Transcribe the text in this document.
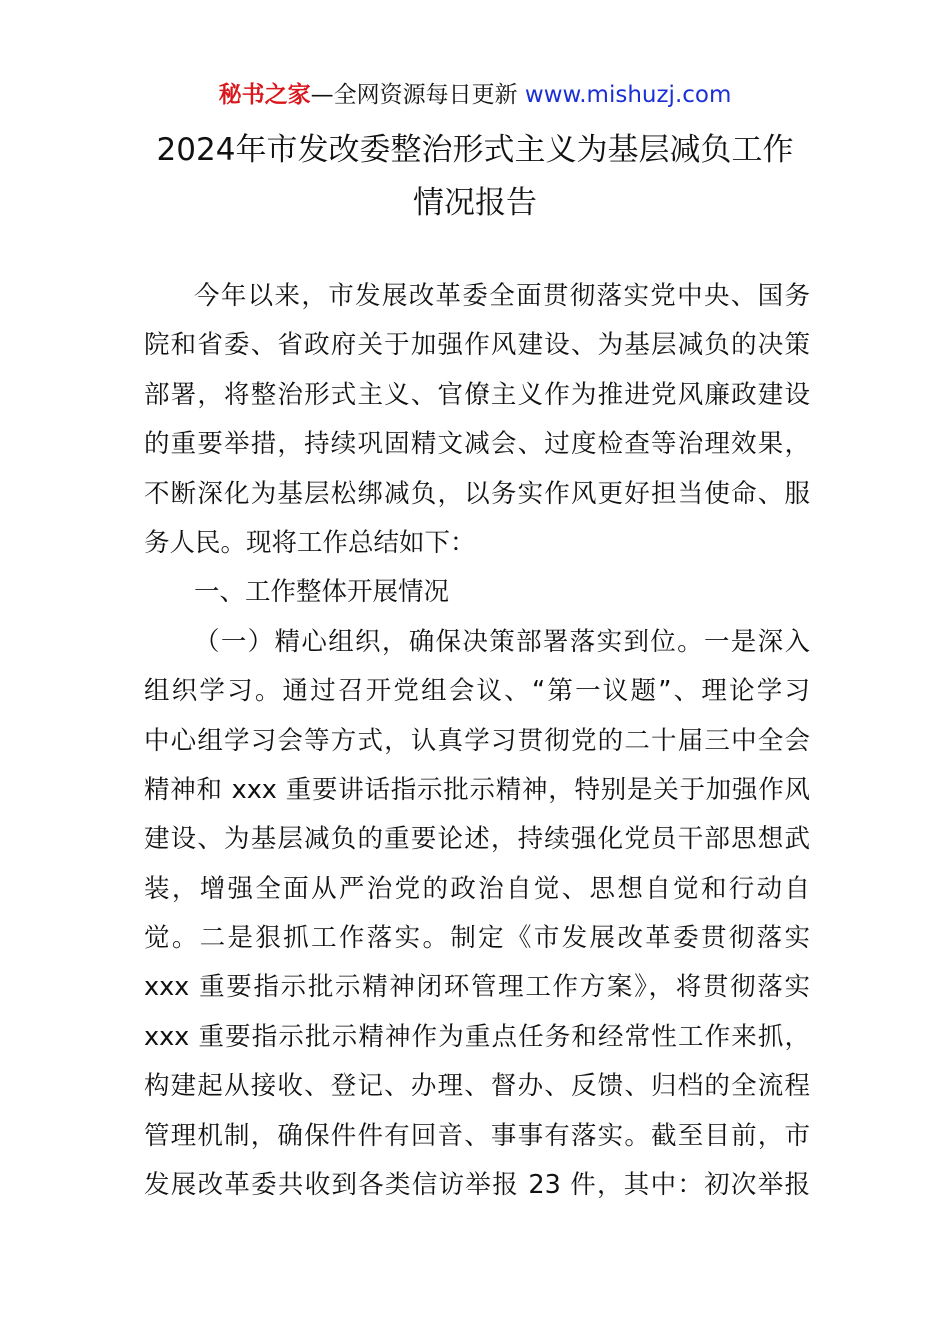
秘书之家—全网资源每日更新 www.mishuzj.com
2024年市发改委整治形式主义为基层减负工作
情况报告
今年以来，市发展改革委全面贯彻落实党中央、国务
院和省委、省政府关于加强作风建设、为基层减负的决策
部署，将整治形式主义、官僚主义作为推进党风廉政建设
的重要举措，持续巩固精文减会、过度检查等治理效果，
不断深化为基层松绑减负，以务实作风更好担当使命、服
务人民。现将工作总结如下：
一、工作整体开展情况
（一）精心组织，确保决策部署落实到位。一是深入
组织学习。通过召开党组会议、“第一议题”、理论学习
中心组学习会等方式，认真学习贯彻党的二十届三中全会
精神和 xxx 重要讲话指示批示精神，特别是关于加强作风
建设、为基层减负的重要论述，持续强化党员干部思想武
装，增强全面从严治党的政治自觉、思想自觉和行动自
觉。二是狠抓工作落实。制定《市发展改革委贯彻落实
xxx 重要指示批示精神闭环管理工作方案》，将贯彻落实
xxx 重要指示批示精神作为重点任务和经常性工作来抓，
构建起从接收、登记、办理、督办、反馈、归档的全流程
管理机制，确保件件有回音、事事有落实。截至目前，市
发展改革委共收到各类信访举报 23 件，其中：初次举报
